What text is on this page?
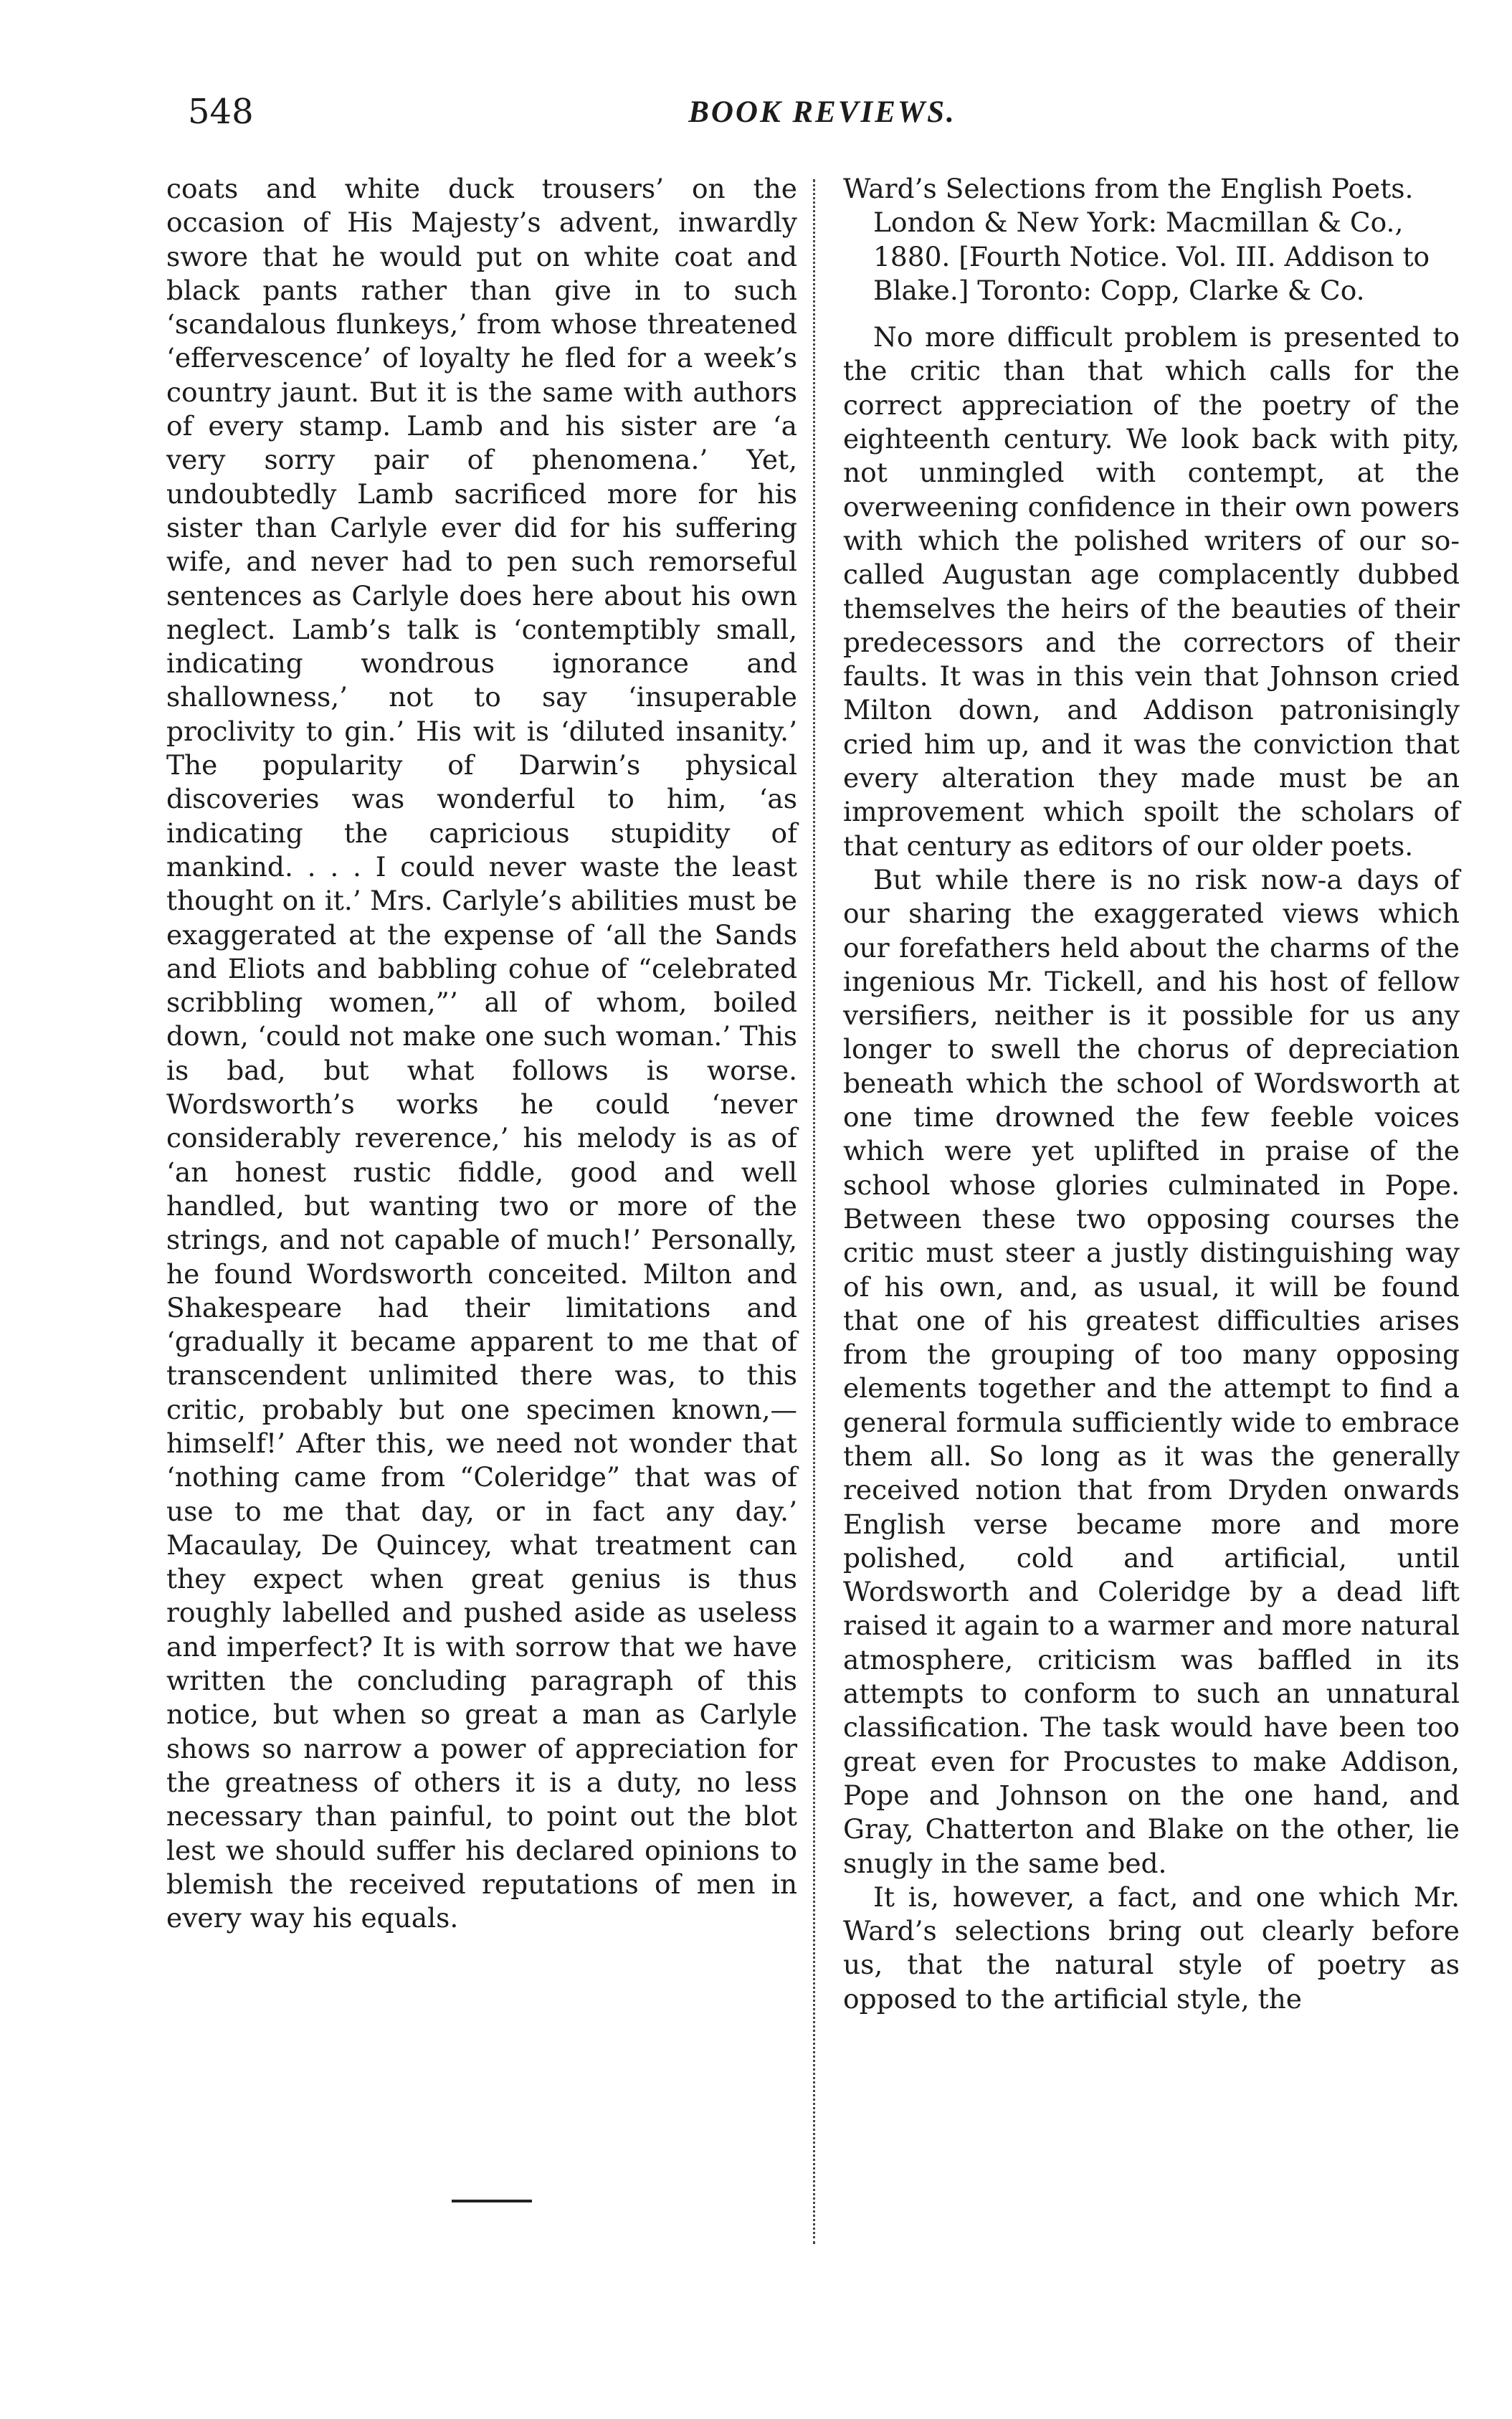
548	BOOK REVIEWS.

coats and white duck trousers’ on the occasion of His Majesty’s advent, inwardly swore that he would put on white coat and black pants rather than give in to such ‘scandalous flunkeys,’ from whose threatened ‘effervescence’ of loyalty he fled for a week’s country jaunt. But it is the same with authors of every stamp. Lamb and his sister are ‘a very sorry pair of phenomena.’ Yet, undoubtedly Lamb sacrificed more for his sister than Carlyle ever did for his suffering wife, and never had to pen such remorseful sentences as Carlyle does here about his own neglect. Lamb’s talk is ‘contemptibly small, indicating wondrous ignorance and shallowness,’ not to say ‘insuperable proclivity to gin.’ His wit is ‘diluted insanity.’ The popularity of Darwin’s physical discoveries was wonderful to him, ‘as indicating the capricious stupidity of mankind. . . . I could never waste the least thought on it.’ Mrs. Carlyle’s abilities must be exaggerated at the expense of ‘all the Sands and Eliots and babbling cohue of “celebrated scribbling women,”’ all of whom, boiled down, ‘could not make one such woman.’ This is bad, but what follows is worse. Wordsworth’s works he could ‘never considerably reverence,’ his melody is as of ‘an honest rustic fiddle, good and well handled, but wanting two or more of the strings, and not capable of much!’ Personally, he found Wordsworth conceited. Milton and Shakespeare had their limitations and ‘gradually it became apparent to me that of transcendent unlimited there was, to this critic, probably but one specimen known,—himself!’ After this, we need not wonder that ‘nothing came from “Coleridge” that was of use to me that day, or in fact any day.’ Macaulay, De Quincey, what treatment can they expect when great genius is thus roughly labelled and pushed aside as useless and imperfect? It is with sorrow that we have written the concluding paragraph of this notice, but when so great a man as Carlyle shows so narrow a power of appreciation for the greatness of others it is a duty, no less necessary than painful, to point out the blot lest we should suffer his declared opinions to blemish the received reputations of men in every way his equals.

Ward’s Selections from the English Poets. London & New York: Macmillan & Co., 1880. [Fourth Notice. Vol. III. Addison to Blake.] Toronto: Copp, Clarke & Co.

No more difficult problem is presented to the critic than that which calls for the correct appreciation of the poetry of the eighteenth century. We look back with pity, not unmingled with contempt, at the overweening confidence in their own powers with which the polished writers of our so-called Augustan age complacently dubbed themselves the heirs of the beauties of their predecessors and the correctors of their faults. It was in this vein that Johnson cried Milton down, and Addison patronisingly cried him up, and it was the conviction that every alteration they made must be an improvement which spoilt the scholars of that century as editors of our older poets.

But while there is no risk now-a days of our sharing the exaggerated views which our forefathers held about the charms of the ingenious Mr. Tickell, and his host of fellow versifiers, neither is it possible for us any longer to swell the chorus of depreciation beneath which the school of Wordsworth at one time drowned the few feeble voices which were yet uplifted in praise of the school whose glories culminated in Pope. Between these two opposing courses the critic must steer a justly distinguishing way of his own, and, as usual, it will be found that one of his greatest difficulties arises from the grouping of too many opposing elements together and the attempt to find a general formula sufficiently wide to embrace them all. So long as it was the generally received notion that from Dryden onwards English verse became more and more polished, cold and artificial, until Wordsworth and Coleridge by a dead lift raised it again to a warmer and more natural atmosphere, criticism was baffled in its attempts to conform to such an unnatural classification. The task would have been too great even for Procustes to make Addison, Pope and Johnson on the one hand, and Gray, Chatterton and Blake on the other, lie snugly in the same bed.

It is, however, a fact, and one which Mr. Ward’s selections bring out clearly before us, that the natural style of poetry as opposed to the artificial style, the
